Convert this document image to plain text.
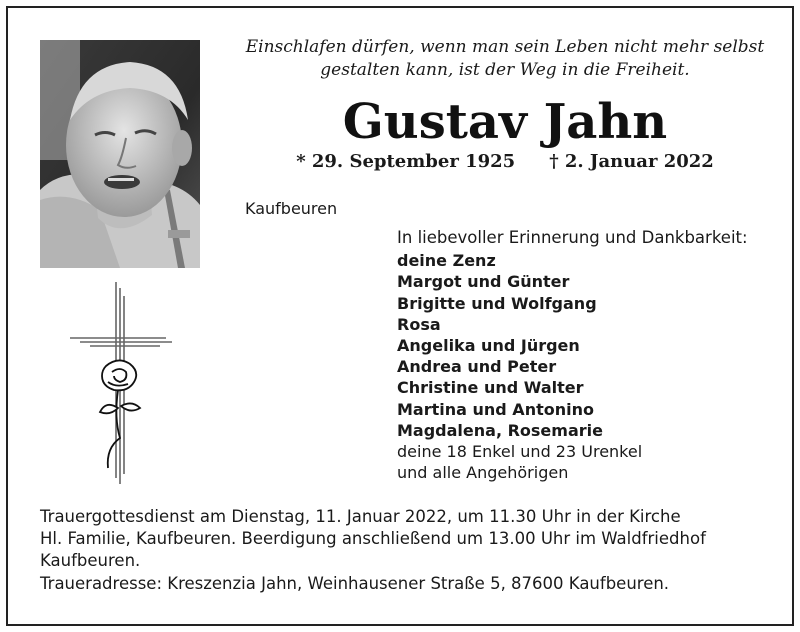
Einschlafen dürfen, wenn man sein Leben nicht mehr selbst
gestalten kann, ist der Weg in die Freiheit.
Gustav Jahn
* 29. September 1925 † 2. Januar 2022
Kaufbeuren
In liebevoller Erinnerung und Dankbarkeit:
deine Zenz
Margot und Günter
Brigitte und Wolfgang
Rosa
Angelika und Jürgen
Andrea und Peter
Christine und Walter
Martina und Antonino
Magdalena, Rosemarie
deine 18 Enkel und 23 Urenkel
und alle Angehörigen
Trauergottesdienst am Dienstag, 11. Januar 2022, um 11.30 Uhr in der Kirche
Hl. Familie, Kaufbeuren. Beerdigung anschließend um 13.00 Uhr im Waldfriedhof
Kaufbeuren.
Traueradresse: Kreszenzia Jahn, Weinhausener Straße 5, 87600 Kaufbeuren.
